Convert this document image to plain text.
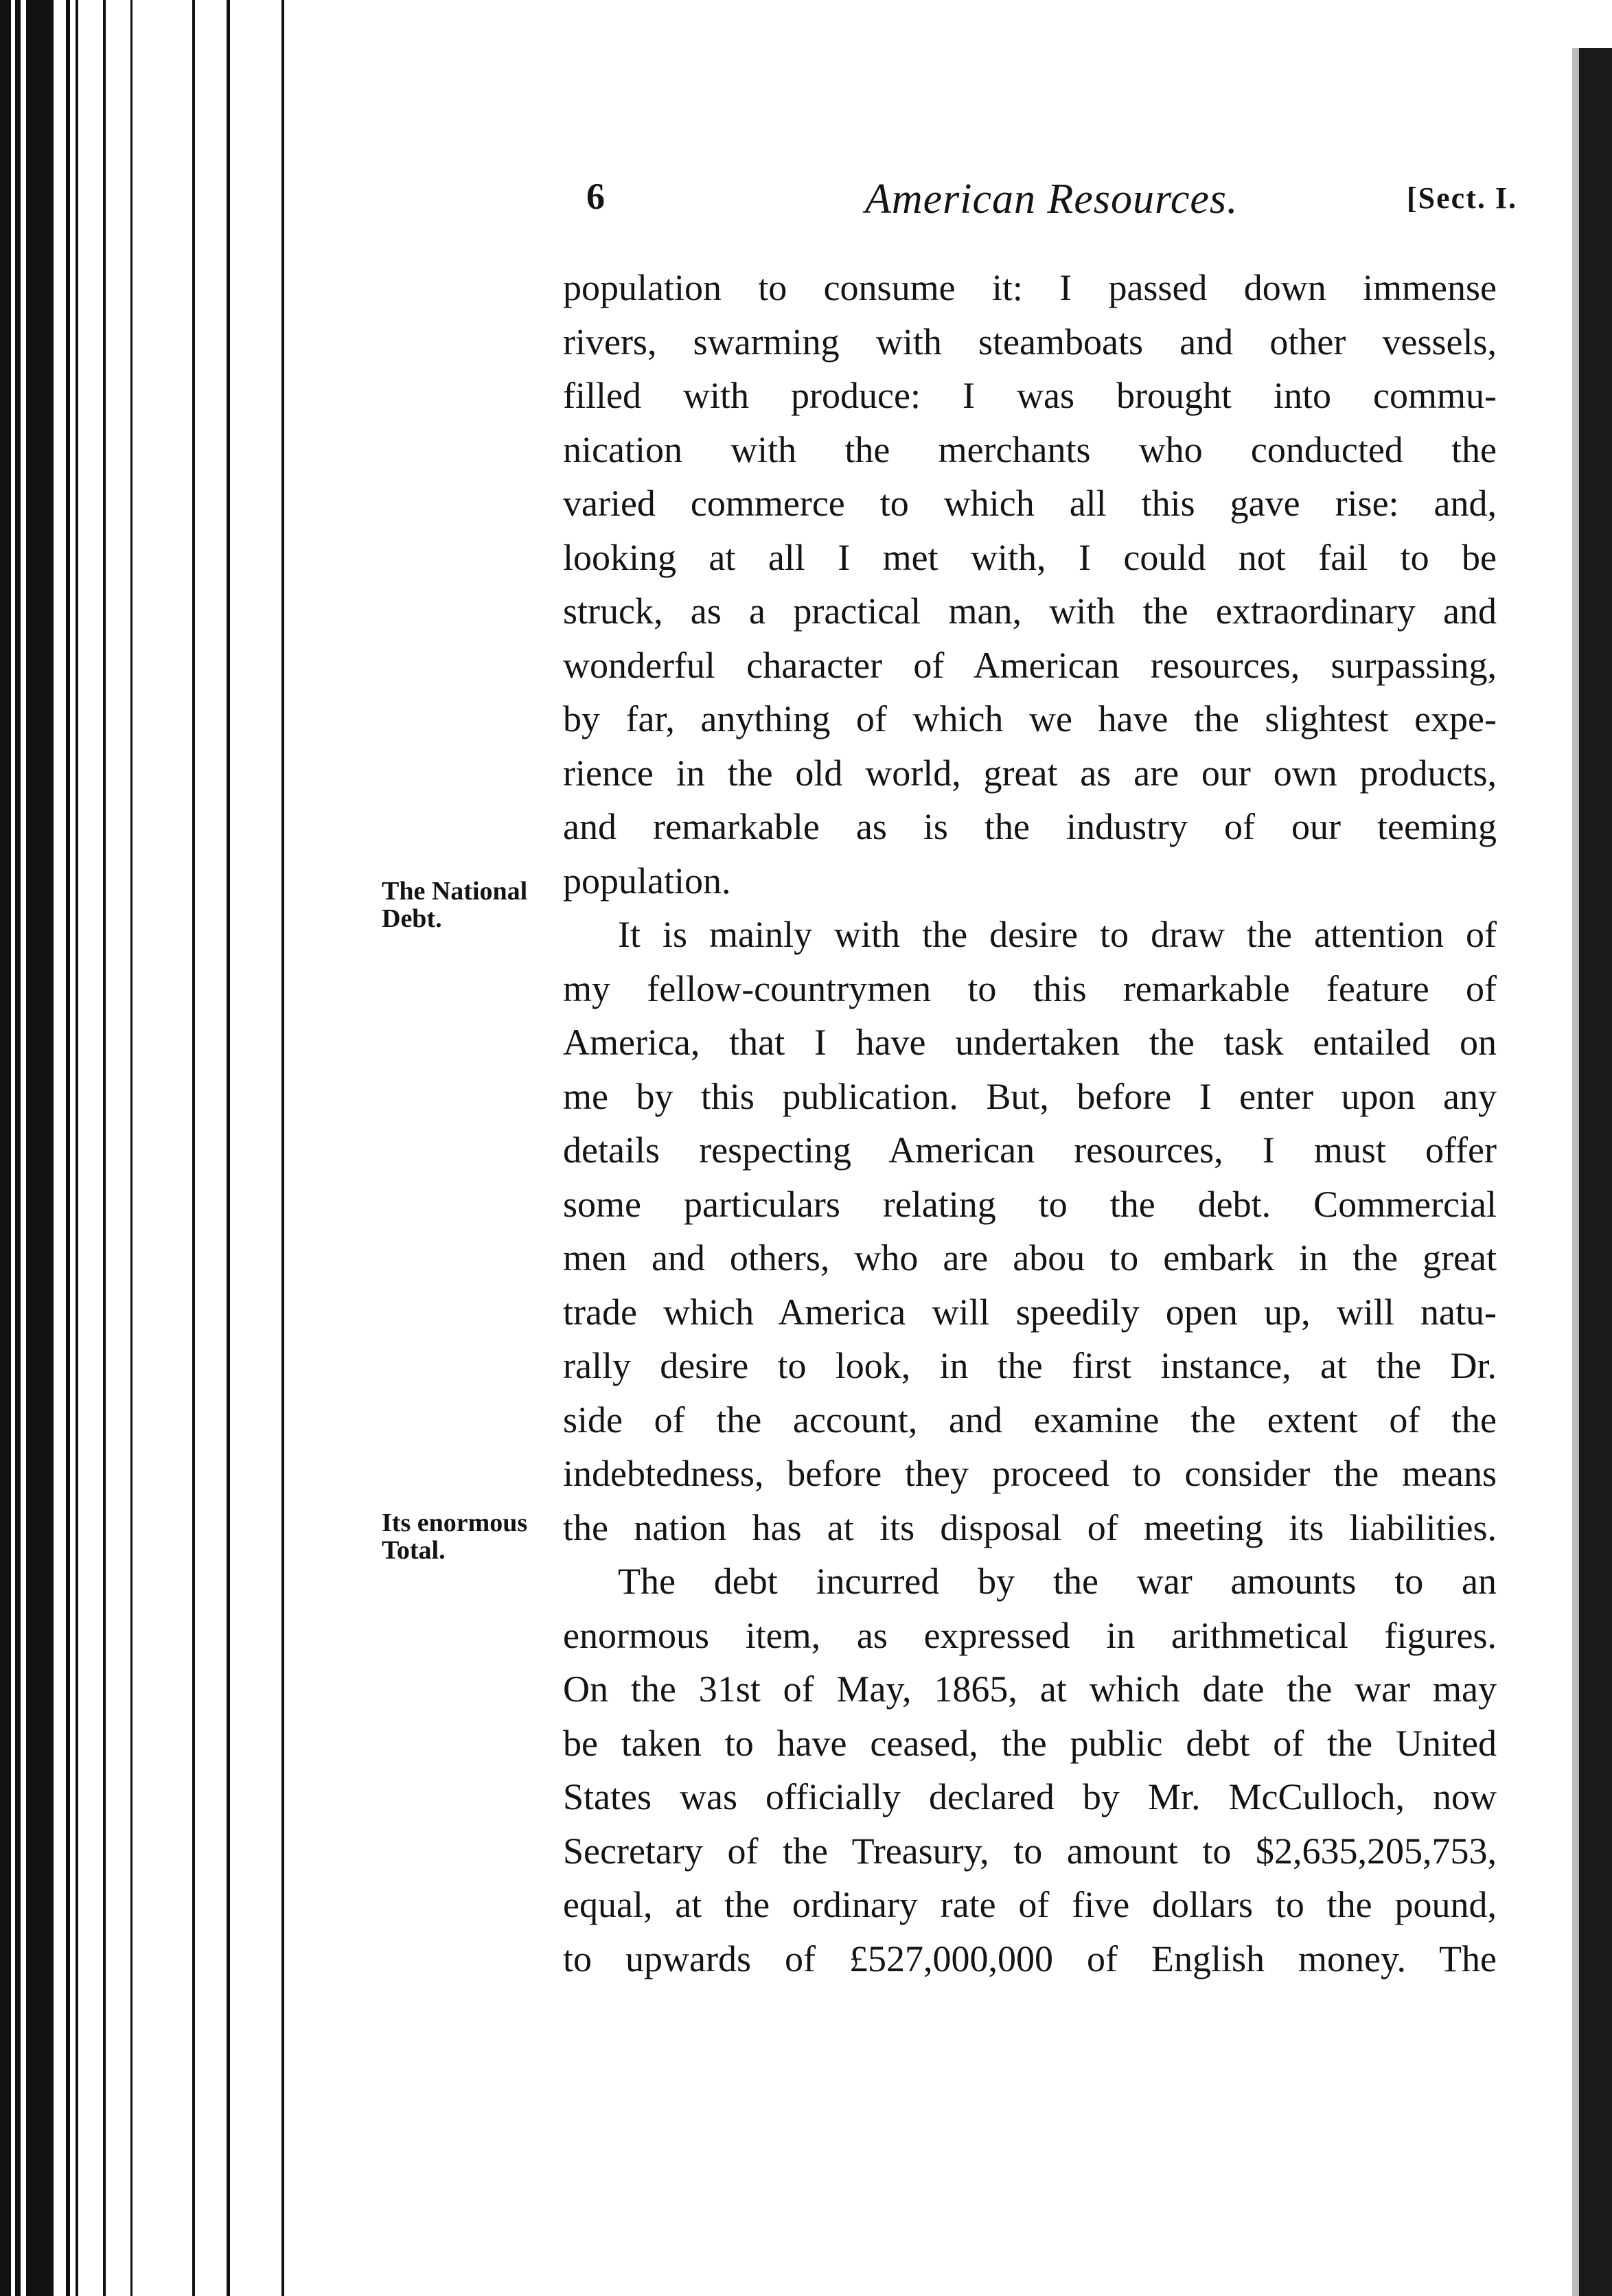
6	American Resources.	[Sect. I.
The National
Debt.
Its enormous
Total.
population to consume it: I passed down immense
rivers, swarming with steamboats and other vessels,
filled with produce: I was brought into commu-
nication with the merchants who conducted the
varied commerce to which all this gave rise: and,
looking at all I met with, I could not fail to be
struck, as a practical man, with the extraordinary and
wonderful character of American resources, surpassing,
by far, anything of which we have the slightest expe-
rience in the old world, great as are our own products,
and remarkable as is the industry of our teeming
population.
It is mainly with the desire to draw the attention of
my fellow-countrymen to this remarkable feature of
America, that I have undertaken the task entailed on
me by this publication. But, before I enter upon any
details respecting American resources, I must offer
some particulars relating to the debt. Commercial
men and others, who are abou to embark in the great
trade which America will speedily open up, will natu-
rally desire to look, in the first instance, at the Dr.
side of the account, and examine the extent of the
indebtedness, before they proceed to consider the means
the nation has at its disposal of meeting its liabilities.
The debt incurred by the war amounts to an
enormous item, as expressed in arithmetical figures.
On the 31st of May, 1865, at which date the war may
be taken to have ceased, the public debt of the United
States was officially declared by Mr. McCulloch, now
Secretary of the Treasury, to amount to $2,635,205,753,
equal, at the ordinary rate of five dollars to the pound,
to upwards of £527,000,000 of English money. The
